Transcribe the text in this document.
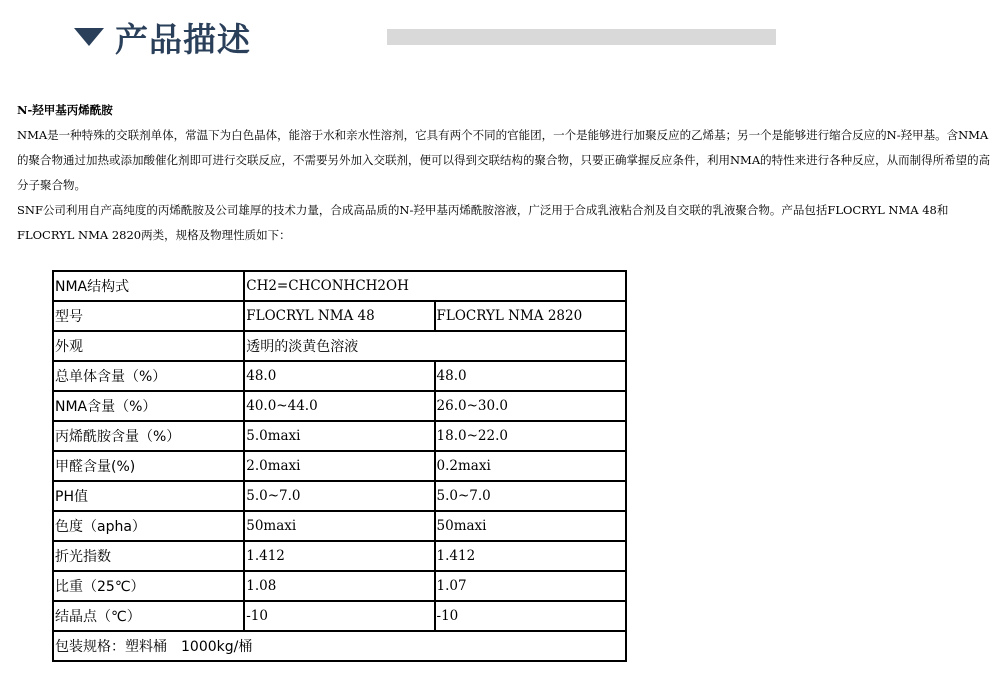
产品描述

N-羟甲基丙烯酰胺

NMA是一种特殊的交联剂单体，常温下为白色晶体，能溶于水和亲水性溶剂，它具有两个不同的官能团，一个是能够进行加聚反应的乙烯基；另一个是能够进行缩合反应的N-羟甲基。含NMA的聚合物通过加热或添加酸催化剂即可进行交联反应，不需要另外加入交联剂，便可以得到交联结构的聚合物，只要正确掌握反应条件，利用NMA的特性来进行各种反应，从而制得所希望的高分子聚合物。

SNF公司利用自产高纯度的丙烯酰胺及公司雄厚的技术力量，合成高品质的N-羟甲基丙烯酰胺溶液，广泛用于合成乳液粘合剂及自交联的乳液聚合物。产品包括FLOCRYL NMA 48和FLOCRYL NMA 2820两类，规格及物理性质如下：

NMA结构式	CH2=CHCONHCH2OH	
型号	FLOCRYL NMA 48	FLOCRYL NMA 2820
外观	透明的淡黄色溶液	
总单体含量（%）	48.0	48.0
NMA含量（%）	40.0~44.0	26.0~30.0
丙烯酰胺含量（%）	5.0maxi	18.0~22.0
甲醛含量(%)	2.0maxi	0.2maxi
PH值	5.0~7.0	5.0~7.0
色度（apha）	50maxi	50maxi
折光指数	1.412	1.412
比重（25℃）	1.08	1.07
结晶点（℃）	-10	-10
包装规格：塑料桶　1000kg/桶		
